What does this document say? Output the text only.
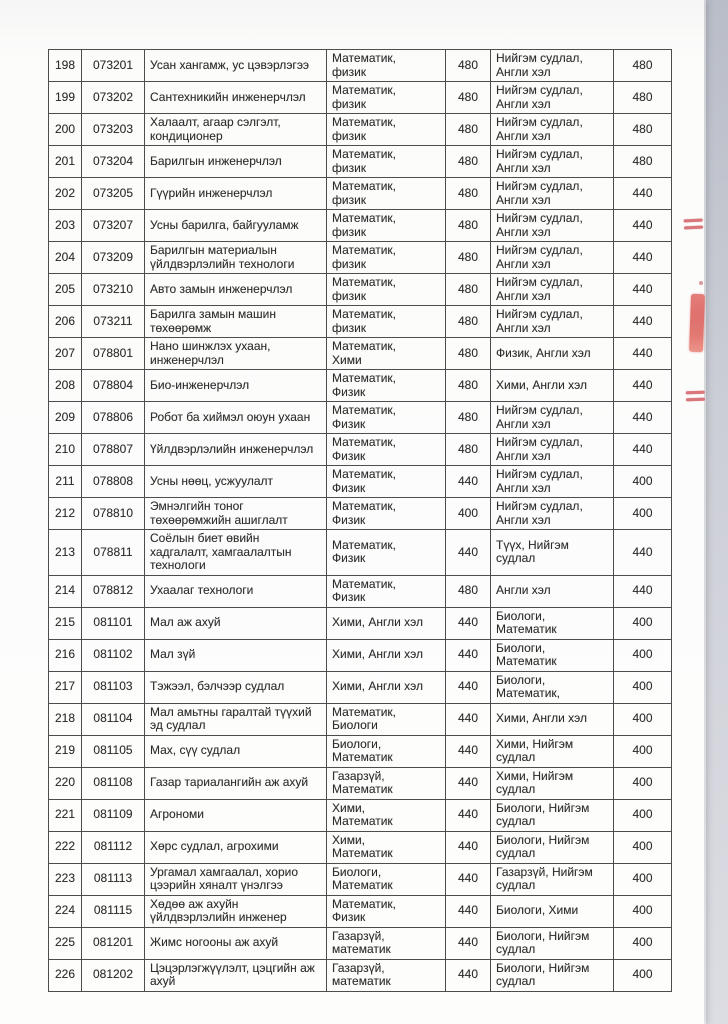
198	073201	Усан хангамж, ус цэвэрлэгээ	Математик, физик	480	Нийгэм судлал, Англи хэл	480
199	073202	Сантехникийн инженерчлэл	Математик, физик	480	Нийгэм судлал, Англи хэл	480
200	073203	Халаалт, агаар сэлгэлт, кондиционер	Математик, физик	480	Нийгэм судлал, Англи хэл	480
201	073204	Барилгын инженерчлэл	Математик, физик	480	Нийгэм судлал, Англи хэл	480
202	073205	Гүүрийн инженерчлэл	Математик, физик	480	Нийгэм судлал, Англи хэл	440
203	073207	Усны барилга, байгууламж	Математик, физик	480	Нийгэм судлал, Англи хэл	440
204	073209	Барилгын материалын үйлдвэрлэлийн технологи	Математик, физик	480	Нийгэм судлал, Англи хэл	440
205	073210	Авто замын инженерчлэл	Математик, физик	480	Нийгэм судлал, Англи хэл	440
206	073211	Барилга замын машин төхөөрөмж	Математик, физик	480	Нийгэм судлал, Англи хэл	440
207	078801	Нано шинжлэх ухаан, инженерчлэл	Математик, Хими	480	Физик, Англи хэл	440
208	078804	Био-инженерчлэл	Математик, Физик	480	Хими, Англи хэл	440
209	078806	Робот ба хиймэл оюун ухаан	Математик, Физик	480	Нийгэм судлал, Англи хэл	440
210	078807	Үйлдвэрлэлийн инженерчлэл	Математик, Физик	480	Нийгэм судлал, Англи хэл	440
211	078808	Усны нөөц, усжуулалт	Математик, Физик	440	Нийгэм судлал, Англи хэл	400
212	078810	Эмнэлгийн тоног төхөөрөмжийн ашиглалт	Математик, Физик	400	Нийгэм судлал, Англи хэл	400
213	078811	Соёлын биет өвийн хадгалалт, хамгаалалтын технологи	Математик, Физик	440	Түүх, Нийгэм судлал	440
214	078812	Ухаалаг технологи	Математик, Физик	480	Англи хэл	440
215	081101	Мал аж ахуй	Хими, Англи хэл	440	Биологи, Математик	400
216	081102	Мал зүй	Хими, Англи хэл	440	Биологи, Математик	400
217	081103	Тэжээл, бэлчээр судлал	Хими, Англи хэл	440	Биологи, Математик,	400
218	081104	Мал амьтны гаралтай түүхий эд судлал	Математик, Биологи	440	Хими, Англи хэл	400
219	081105	Мах, сүү судлал	Биологи, Математик	440	Хими, Нийгэм судлал	400
220	081108	Газар тариалангийн аж ахуй	Газарзүй, Математик	440	Хими, Нийгэм судлал	400
221	081109	Агрономи	Хими, Математик	440	Биологи, Нийгэм судлал	400
222	081112	Хөрс судлал, агрохими	Хими, Математик	440	Биологи, Нийгэм судлал	400
223	081113	Ургамал хамгаалал, хорио цээрийн хяналт үнэлгээ	Биологи, Математик	440	Газарзүй, Нийгэм судлал	400
224	081115	Хөдөө аж ахуйн үйлдвэрлэлийн инженер	Математик, Физик	440	Биологи, Хими	400
225	081201	Жимс ногооны аж ахуй	Газарзүй, математик	440	Биологи, Нийгэм судлал	400
226	081202	Цэцэрлэгжүүлэлт, цэцгийн аж ахуй	Газарзүй, математик	440	Биологи, Нийгэм судлал	400
